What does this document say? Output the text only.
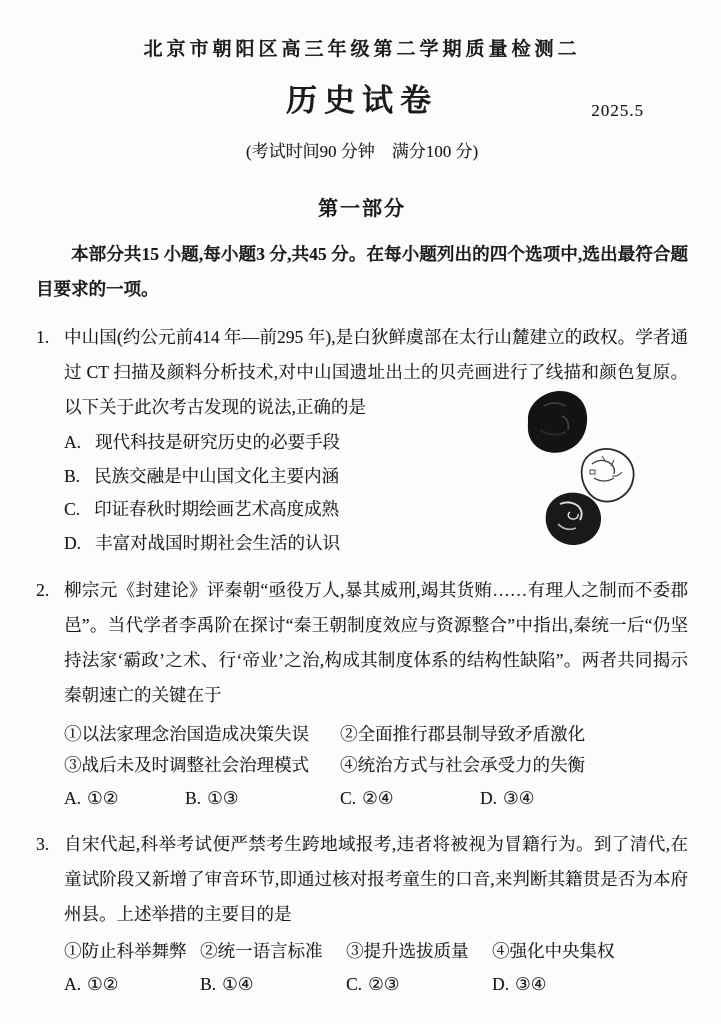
北京市朝阳区高三年级第二学期质量检测二

历史试卷	2025.5

(考试时间90 分钟　满分100 分)

第一部分

本部分共15 小题,每小题3 分,共45 分。在每小题列出的四个选项中,选出最符合题目要求的一项。

1. 中山国(约公元前414 年—前295 年),是白狄鲜虞部在太行山麓建立的政权。学者通过 CT 扫描及颜料分析技术,对中山国遗址出土的贝壳画进行了线描和颜色复原。以下关于此次考古发现的说法,正确的是

A. 现代科技是研究历史的必要手段
B. 民族交融是中山国文化主要内涵
C. 印证春秋时期绘画艺术高度成熟
D. 丰富对战国时期社会生活的认识
2. 柳宗元《封建论》评秦朝“亟役万人,暴其威刑,竭其货贿……有理人之制而不委郡邑”。当代学者李禹阶在探讨“秦王朝制度效应与资源整合”中指出,秦统一后“仍坚持法家‘霸政’之术、行‘帝业’之治,构成其制度体系的结构性缺陷”。两者共同揭示秦朝速亡的关键在于

①以法家理念治国造成决策失误	②全面推行郡县制导致矛盾激化
③战后未及时调整社会治理模式	④统治方式与社会承受力的失衡
A. ①②	B. ①③	C. ②④	D. ③④
3. 自宋代起,科举考试便严禁考生跨地域报考,违者将被视为冒籍行为。到了清代,在童试阶段又新增了审音环节,即通过核对报考童生的口音,来判断其籍贯是否为本府州县。上述举措的主要目的是

①防止科举舞弊 ②统一语言标准	③提升选拔质量	④强化中央集权
A. ①②	B. ①④	C. ②③	D. ③④
